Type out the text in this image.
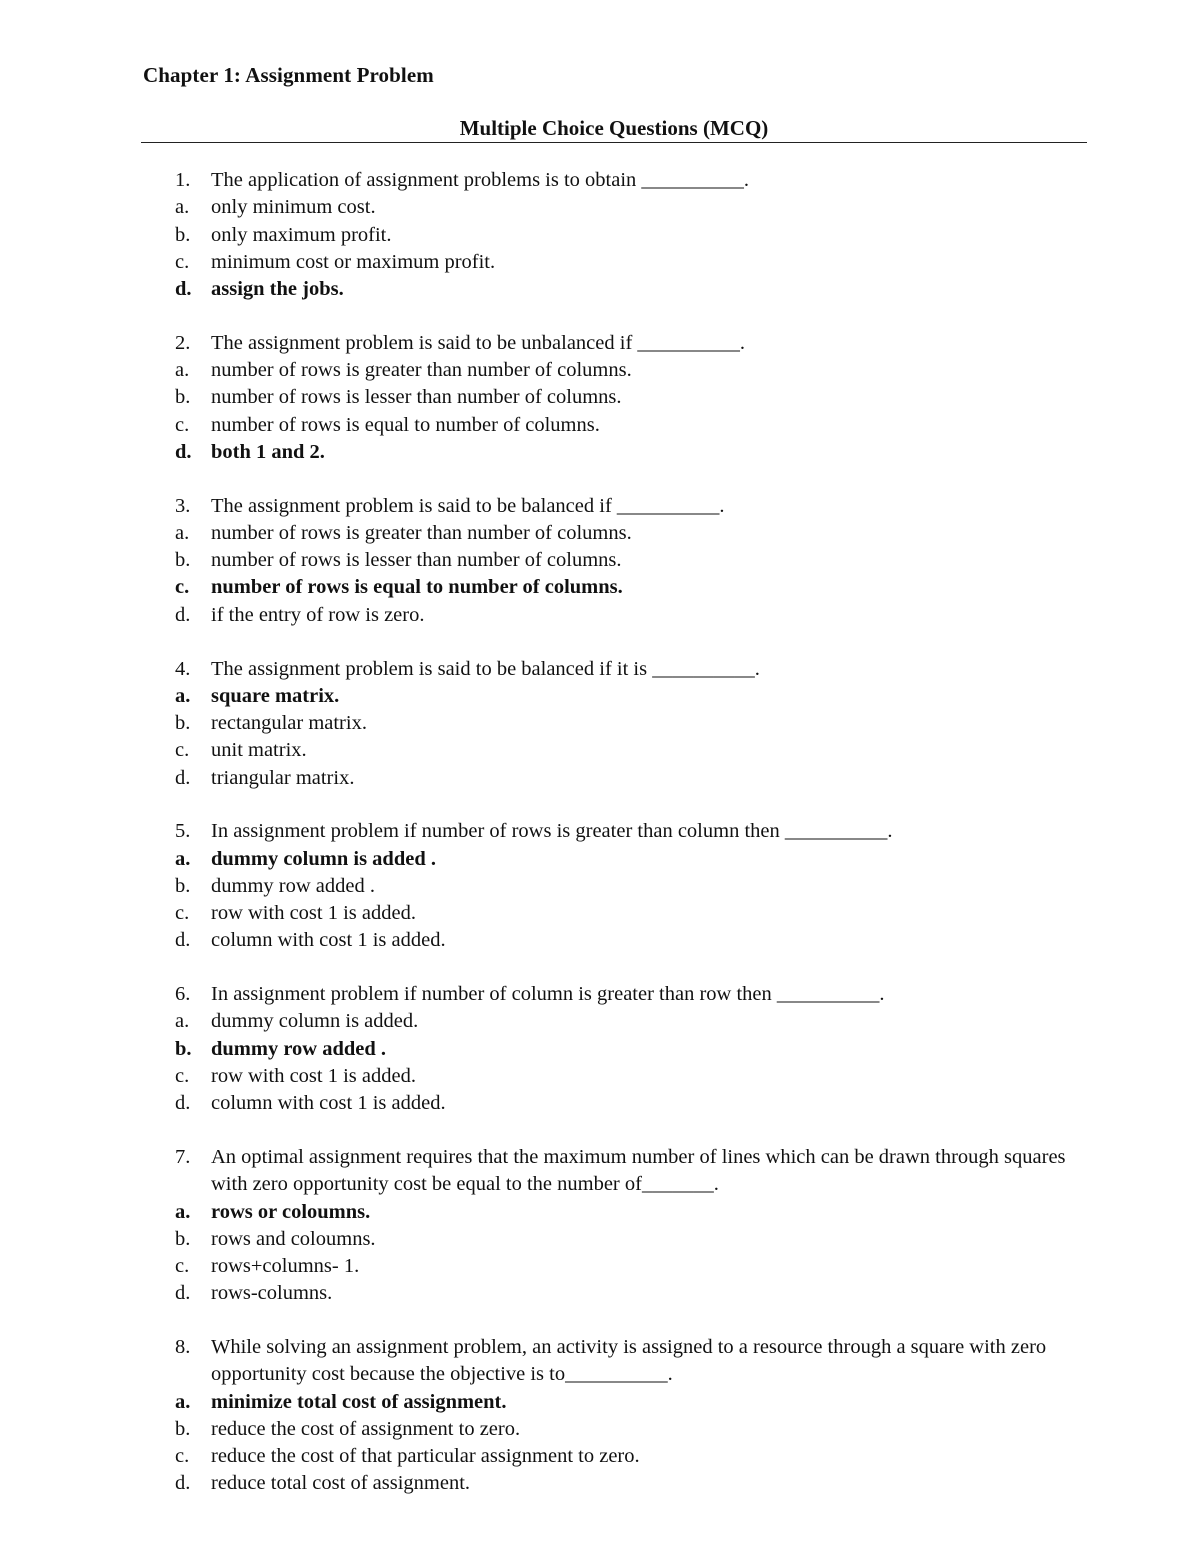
Chapter 1: Assignment Problem
Multiple Choice Questions (MCQ)
1.	The application of assignment problems is to obtain __________.
a.	only minimum cost.
b.	only maximum profit.
c.	minimum cost or maximum profit.
d. assign the jobs.
2.	The assignment problem is said to be unbalanced if __________.
a.	number of rows is greater than number of columns.
b.	number of rows is lesser than number of columns.
c.	number of rows is equal to number of columns.
d. both 1 and 2.
3.	The assignment problem is said to be balanced if __________.
a.	number of rows is greater than number of columns.
b.	number of rows is lesser than number of columns.
c.	number of rows is equal to number of columns.
d.	if the entry of row is zero.
4.	The assignment problem is said to be balanced if it is __________.
a.	square matrix.
b.	rectangular matrix.
c.	unit matrix.
d.	triangular matrix.
5.	In assignment problem if number of rows is greater than column then __________.
a.	dummy column is added .
b.	dummy row added .
c.	row with cost 1 is added.
d.	column with cost 1 is added.
6.	In assignment problem if number of column is greater than row then __________.
a.	dummy column is added.
b. dummy row added .
c.	row with cost 1 is added.
d.	column with cost 1 is added.
7.	An optimal assignment requires that the maximum number of lines which can be drawn through squares with zero opportunity cost be equal to the number of_______.
a.	rows or coloumns.
b.	rows and coloumns.
c.	rows+columns- 1.
d.	rows-columns.
8.	While solving an assignment problem, an activity is assigned to a resource through a square with zero opportunity cost because the objective is to__________.
a.	minimize total cost of assignment.
b.	reduce the cost of assignment to zero.
c.	reduce the cost of that particular assignment to zero.
d.	reduce total cost of assignment.
